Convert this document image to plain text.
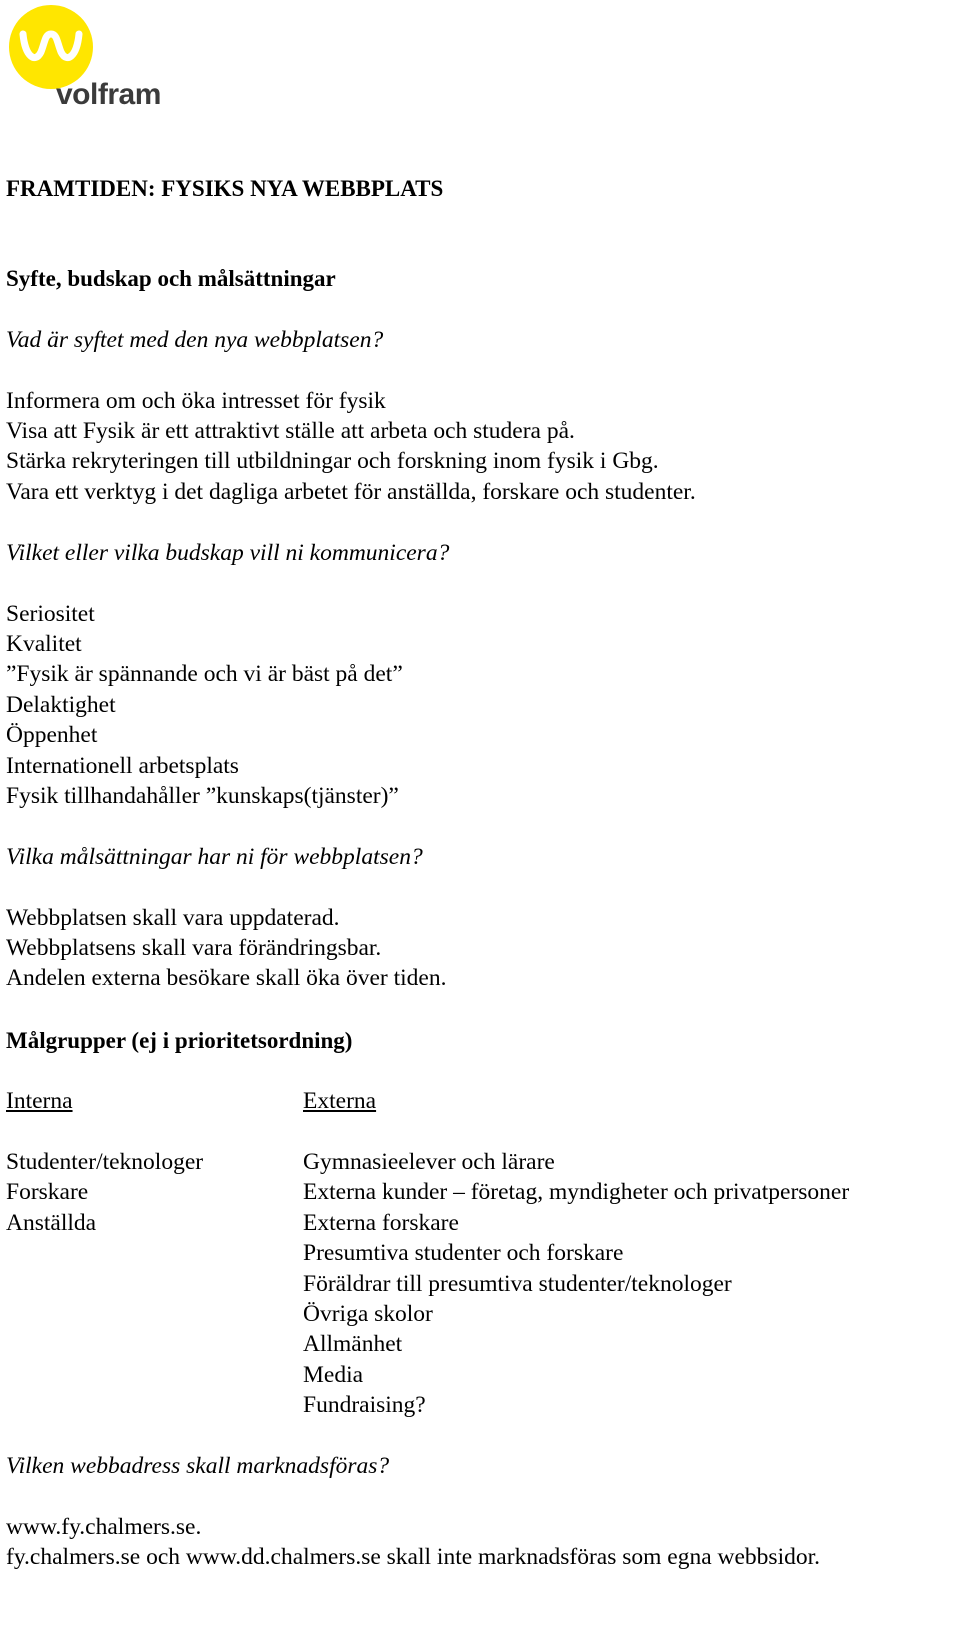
volfram
FRAMTIDEN: FYSIKS NYA WEBBPLATS
Syfte, budskap och målsättningar
Vad är syftet med den nya webbplatsen?
Informera om och öka intresset för fysik
Visa att Fysik är ett attraktivt ställe att arbeta och studera på.
Stärka rekryteringen till utbildningar och forskning inom fysik i Gbg.
Vara ett verktyg i det dagliga arbetet för anställda, forskare och studenter.
Vilket eller vilka budskap vill ni kommunicera?
Seriositet
Kvalitet
”Fysik är spännande och vi är bäst på det”
Delaktighet
Öppenhet
Internationell arbetsplats
Fysik tillhandahåller ”kunskaps(tjänster)”
Vilka målsättningar har ni för webbplatsen?
Webbplatsen skall vara uppdaterad.
Webbplatsens skall vara förändringsbar.
Andelen externa besökare skall öka över tiden.
Målgrupper (ej i prioritetsordning)
Interna	Externa
Studenter/teknologer
Forskare
Anställda
Gymnasieelever och lärare
Externa kunder – företag, myndigheter och privatpersoner
Externa forskare
Presumtiva studenter och forskare
Föräldrar till presumtiva studenter/teknologer
Övriga skolor
Allmänhet
Media
Fundraising?
Vilken webbadress skall marknadsföras?
www.fy.chalmers.se.
fy.chalmers.se och www.dd.chalmers.se skall inte marknadsföras som egna webbsidor.
